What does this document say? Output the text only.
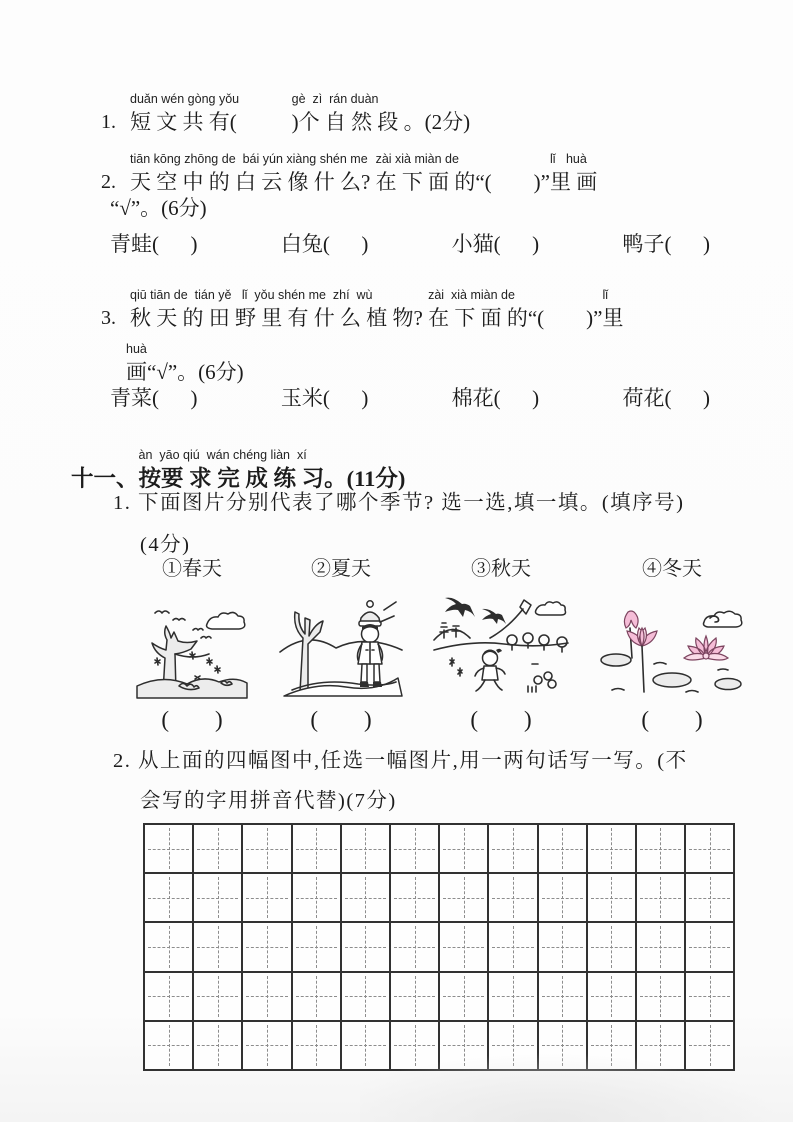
1.
duǎn wén gòng yǒu
短 文 共 有(

gè  zì  rán duàn
)个 自 然 段 。(2分)

2.
tiān kōng zhōng de  bái yún xiàng shén me
天 空 中 的 白 云 像 什 么?
zài xià miàn de
在 下 面 的“(

)”
lǐ   huà
里 画

“√”。(6分)
青蛙(      )	白兔(      )	小猫(      )	鸭子(      )

3.
qiū tiān de  tián yě   lǐ  yǒu shén me  zhí  wù
秋 天 的 田 野 里 有 什 么 植 物?
zài  xià miàn de
在 下 面 的“(

)”
lǐ
里

huà
画“√”。(6分)

青菜(      )	玉米(      )	棉花(      )	荷花(      )

十一、
àn  yāo qiú  wán chéng liàn  xí
按要 求 完 成 练 习。(11分)

1. 下面图片分别代表了哪个季节? 选一选,填一填。(填序号)
(4分)
①春天
(        )
②夏天
(        )
③秋天
(        )
④冬天
(        )
2. 从上面的四幅图中,任选一幅图片,用一两句话写一写。(不
会写的字用拼音代替)(7分)
